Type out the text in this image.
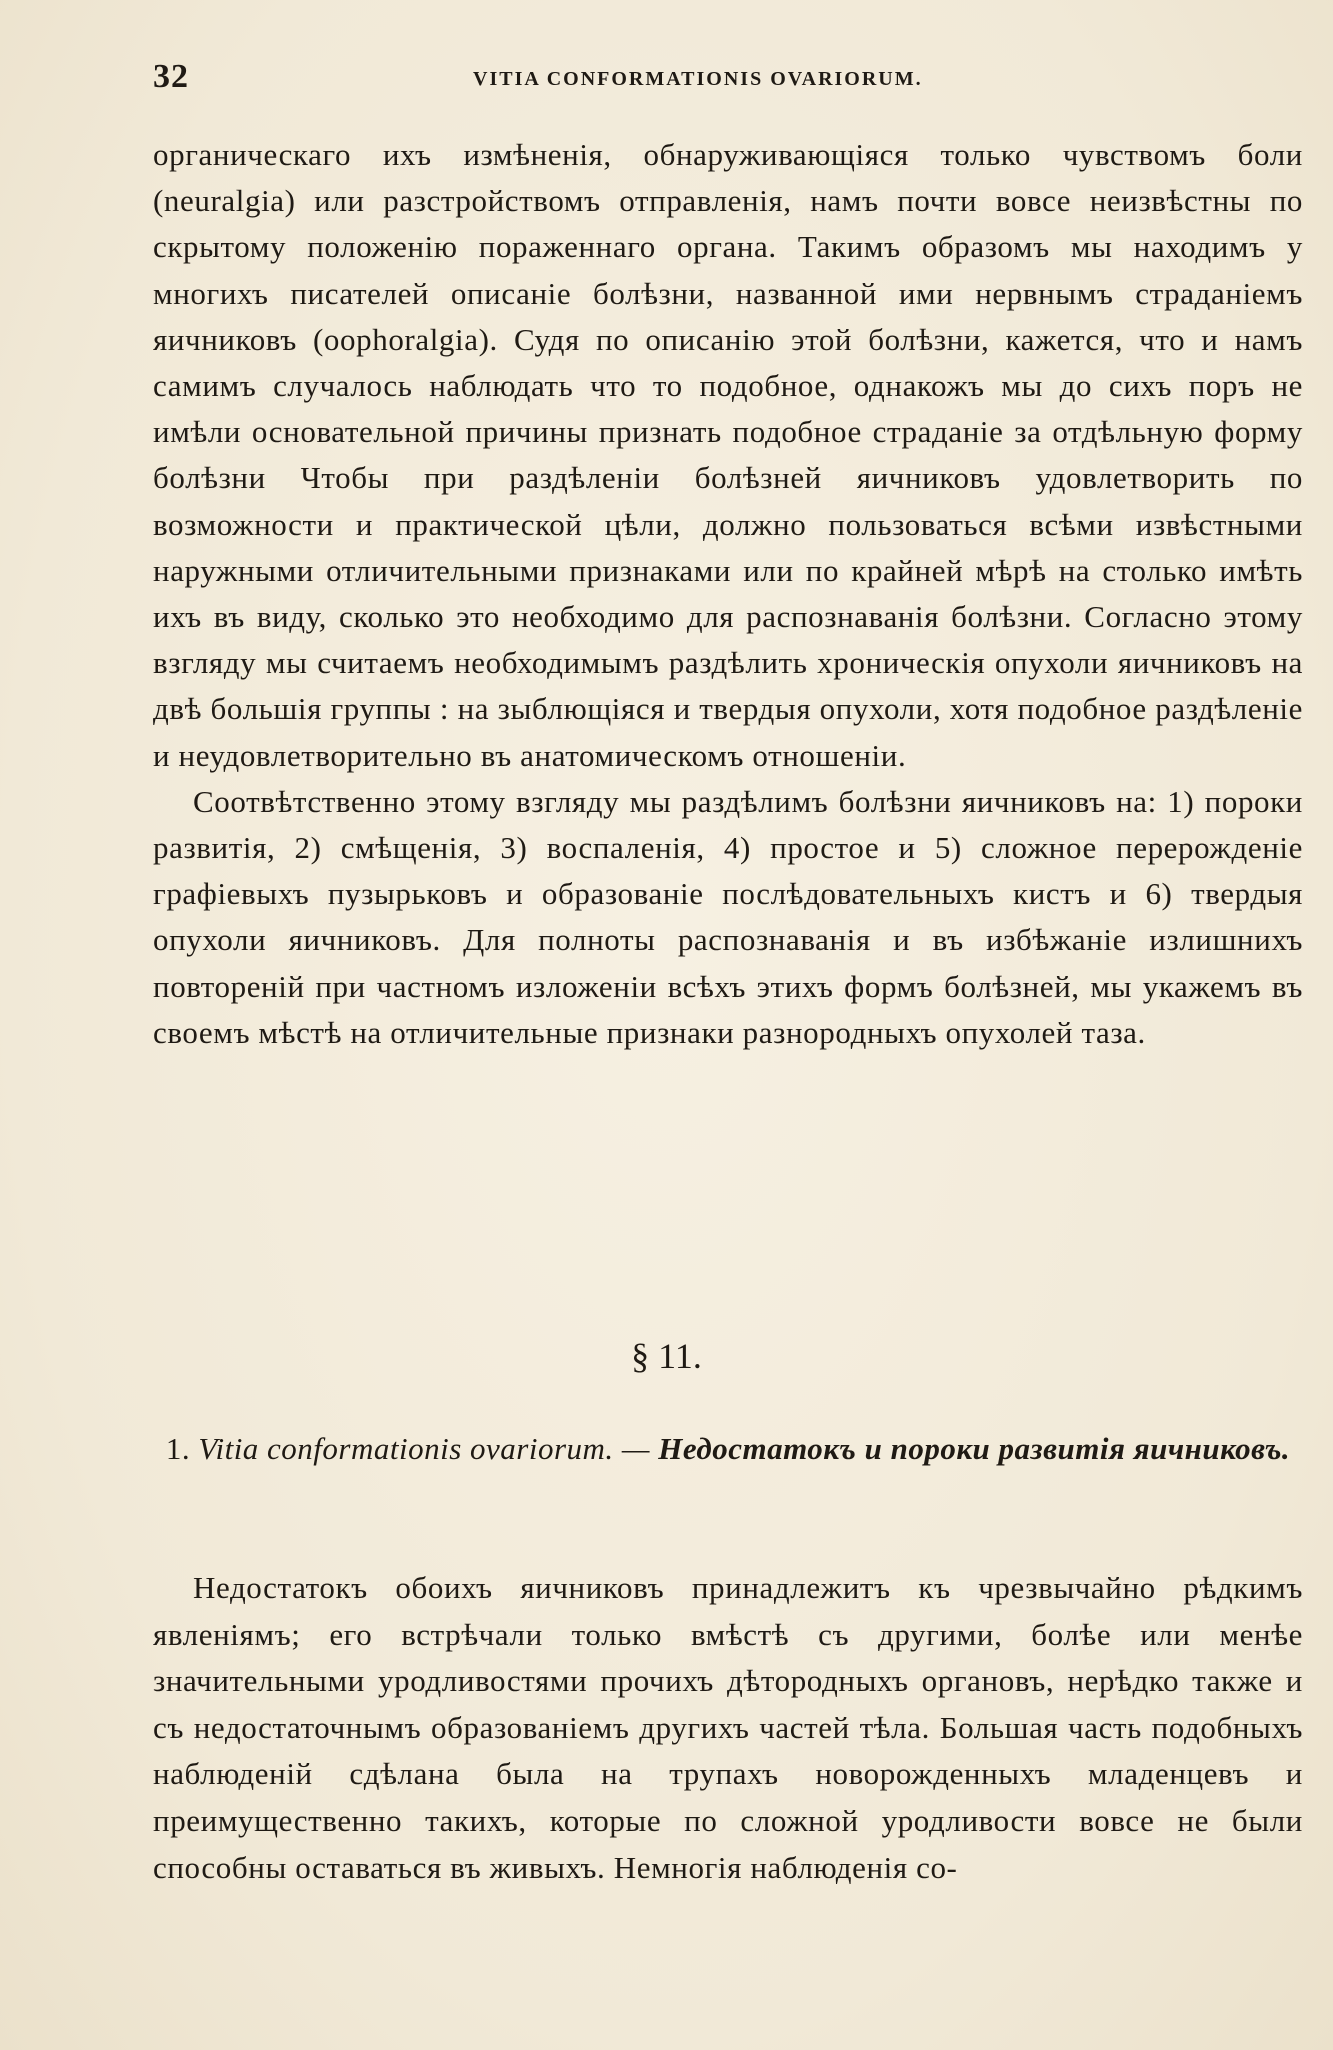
32	VITIA CONFORMATIONIS OVARIORUM.

органическаго ихъ измѣненія, обнаруживающіяся только чувствомъ боли (neuralgia) или разстройствомъ отправленія, намъ почти вовсе неизвѣстны по скрытому положенію пораженнаго органа. Такимъ образомъ мы находимъ у многихъ писателей описаніе болѣзни, названной ими нервнымъ страданіемъ яичниковъ (oophoralgia). Судя по описанію этой болѣзни, кажется, что и намъ самимъ случалось наблюдать что то подобное, однакожъ мы до сихъ поръ не имѣли основательной причины признать подобное страданіе за отдѣльную форму болѣзни Чтобы при раздѣленіи болѣзней яичниковъ удовлетворить по возможности и практической цѣли, должно пользоваться всѣми извѣстными наружными отличительными признаками или по крайней мѣрѣ на столько имѣть ихъ въ виду, сколько это необходимо для распознаванія болѣзни. Согласно этому взгляду мы считаемъ необходимымъ раздѣлить хроническія опухоли яичниковъ на двѣ большія группы : на зыблющіяся и твердыя опухоли, хотя подобное раздѣленіе и неудовлетворительно въ анатомическомъ отношеніи.

Соотвѣтственно этому взгляду мы раздѣлимъ болѣзни яичниковъ на: 1) пороки развитія, 2) смѣщенія, 3) воспаленія, 4) простое и 5) сложное перерожденіе графіевыхъ пузырьковъ и образованіе послѣдовательныхъ кистъ и 6) твердыя опухоли яичниковъ. Для полноты распознаванія и въ избѣжаніе излишнихъ повтореній при частномъ изложеніи всѣхъ этихъ формъ болѣзней, мы укажемъ въ своемъ мѣстѣ на отличительные признаки разнородныхъ опухолей таза.

§ 11.
1. Vitia conformationis ovariorum. — Недостатокъ и пороки развитія яичниковъ.

Недостатокъ обоихъ яичниковъ принадлежитъ къ чрезвычайно рѣдкимъ явленіямъ; его встрѣчали только вмѣстѣ съ другими, болѣе или менѣе значительными уродливостями прочихъ дѣтородныхъ органовъ, нерѣдко также и съ недостаточнымъ образованіемъ другихъ частей тѣла. Большая часть подобныхъ наблюденій сдѣлана была на трупахъ новорожденныхъ младенцевъ и преимущественно такихъ, которые по сложной уродливости вовсе не были способны оставаться въ живыхъ. Немногія наблюденія со-
